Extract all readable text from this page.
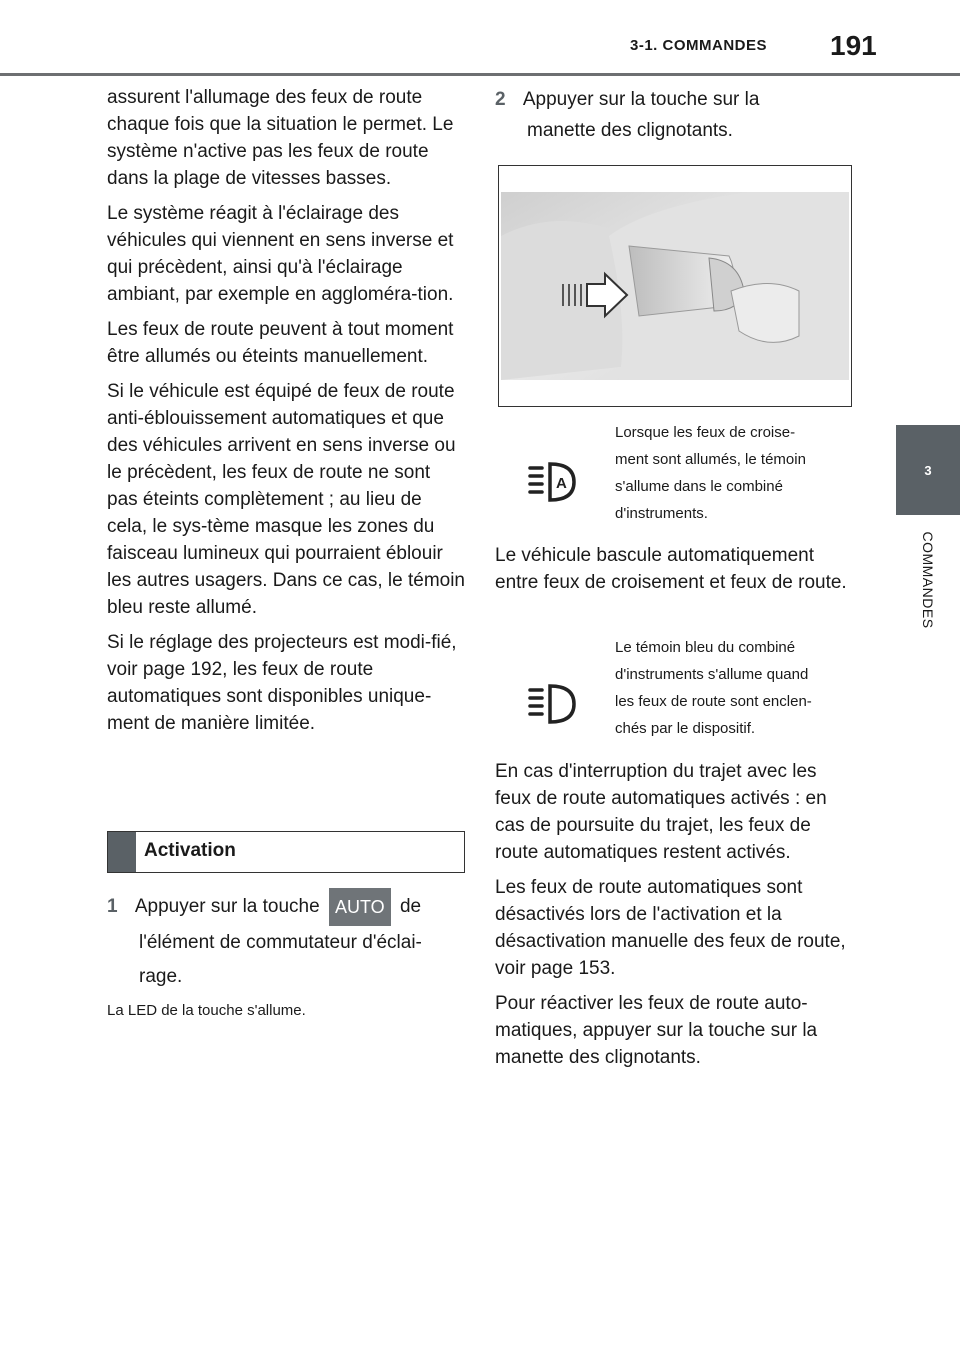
3-1. COMMANDES 191
3
COMMANDES

assurent l'allumage des feux de route chaque fois que la situation le permet. Le système n'active pas les feux de route dans la plage de vitesses basses.

Le système réagit à l'éclairage des véhicules qui viennent en sens inverse et qui précèdent, ainsi qu'à l'éclairage ambiant, par exemple en aggloméra-tion.

Les feux de route peuvent à tout moment être allumés ou éteints manuellement.

Si le véhicule est équipé de feux de route anti-éblouissement automatiques et que des véhicules arrivent en sens inverse ou le précèdent, les feux de route ne sont pas éteints complètement ; au lieu de cela, le sys-tème masque les zones du faisceau lumineux qui pourraient éblouir les autres usagers. Dans ce cas, le témoin bleu reste allumé.

Si le réglage des projecteurs est modi-fié, voir page 192, les feux de route automatiques sont disponibles unique-ment de manière limitée.

Activation
1 Appuyer sur la touche AUTO de
l'élément de commutateur d'éclai-
rage.
La LED de la touche s'allume.
2 Appuyer sur la touche sur la
manette des clignotants.
A
Lorsque les feux de croise-
ment sont allumés, le témoin
s'allume dans le combiné
d'instruments.

Le véhicule bascule automatiquement entre feux de croisement et feux de route.

Le témoin bleu du combiné
d'instruments s'allume quand
les feux de route sont enclen-
chés par le dispositif.

En cas d'interruption du trajet avec les feux de route automatiques activés : en cas de poursuite du trajet, les feux de route automatiques restent activés.

Les feux de route automatiques sont désactivés lors de l'activation et la désactivation manuelle des feux de route, voir page 153.

Pour réactiver les feux de route auto-matiques, appuyer sur la touche sur la manette des clignotants.
